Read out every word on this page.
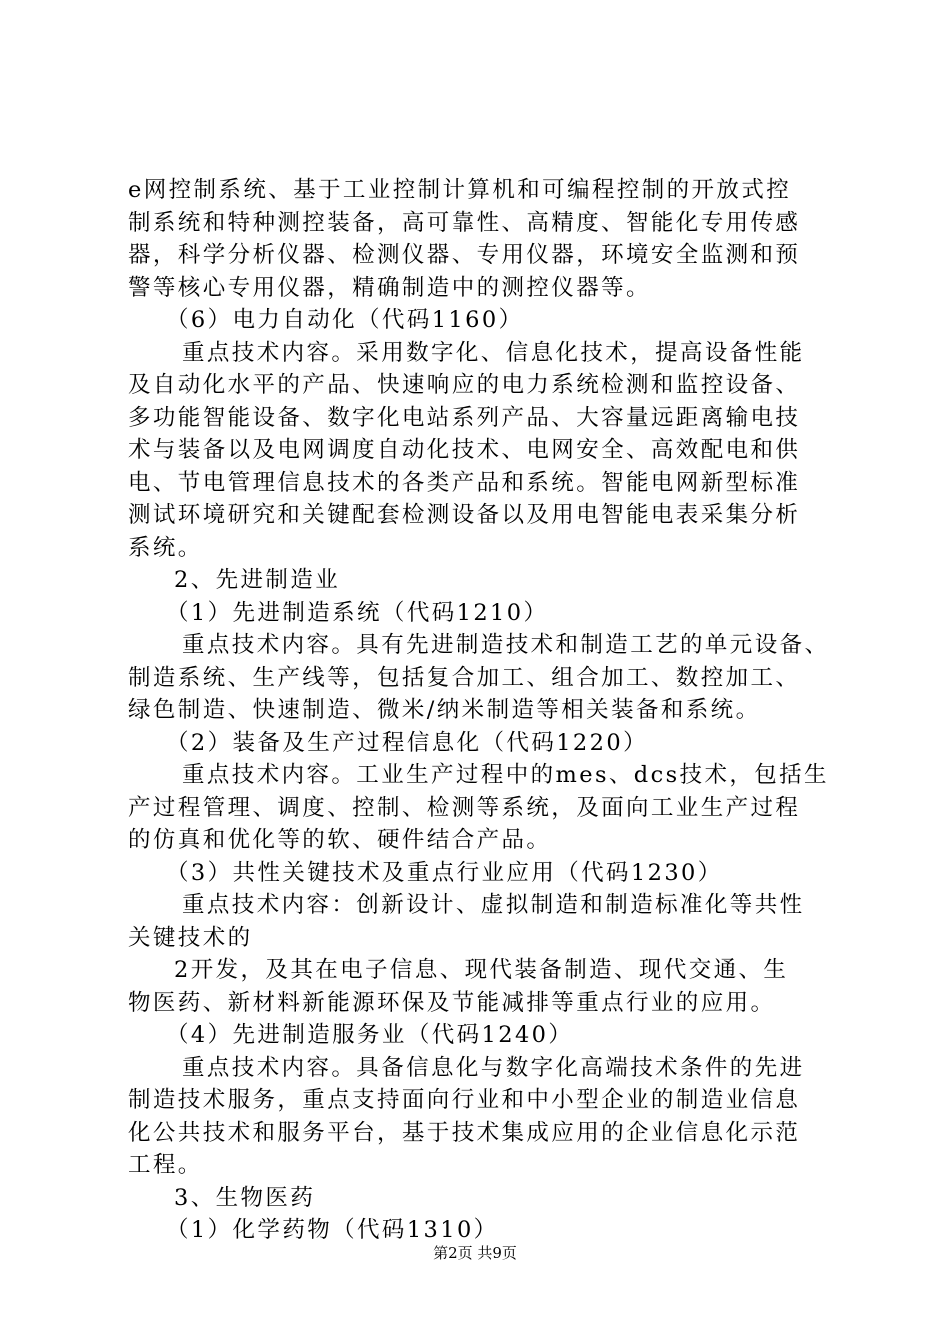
e网控制系统、基于工业控制计算机和可编程控制的开放式控
制系统和特种测控装备，高可靠性、高精度、智能化专用传感
器，科学分析仪器、检测仪器、专用仪器，环境安全监测和预
警等核心专用仪器，精确制造中的测控仪器等。
（6）电力自动化（代码1160）
重点技术内容。采用数字化、信息化技术，提高设备性能
及自动化水平的产品、快速响应的电力系统检测和监控设备、
多功能智能设备、数字化电站系列产品、大容量远距离输电技
术与装备以及电网调度自动化技术、电网安全、高效配电和供
电、节电管理信息技术的各类产品和系统。智能电网新型标准
测试环境研究和关键配套检测设备以及用电智能电表采集分析
系统。
2、先进制造业
（1）先进制造系统（代码1210）
重点技术内容。具有先进制造技术和制造工艺的单元设备、
制造系统、生产线等，包括复合加工、组合加工、数控加工、
绿色制造、快速制造、微米/纳米制造等相关装备和系统。
（2）装备及生产过程信息化（代码1220）
重点技术内容。工业生产过程中的mes、dcs技术，包括生
产过程管理、调度、控制、检测等系统，及面向工业生产过程
的仿真和优化等的软、硬件结合产品。
（3）共性关键技术及重点行业应用（代码1230）
重点技术内容：创新设计、虚拟制造和制造标准化等共性
关键技术的
2开发，及其在电子信息、现代装备制造、现代交通、生
物医药、新材料新能源环保及节能减排等重点行业的应用。
（4）先进制造服务业（代码1240）
重点技术内容。具备信息化与数字化高端技术条件的先进
制造技术服务，重点支持面向行业和中小型企业的制造业信息
化公共技术和服务平台，基于技术集成应用的企业信息化示范
工程。
3、生物医药
（1）化学药物（代码1310）
第2页 共9页
